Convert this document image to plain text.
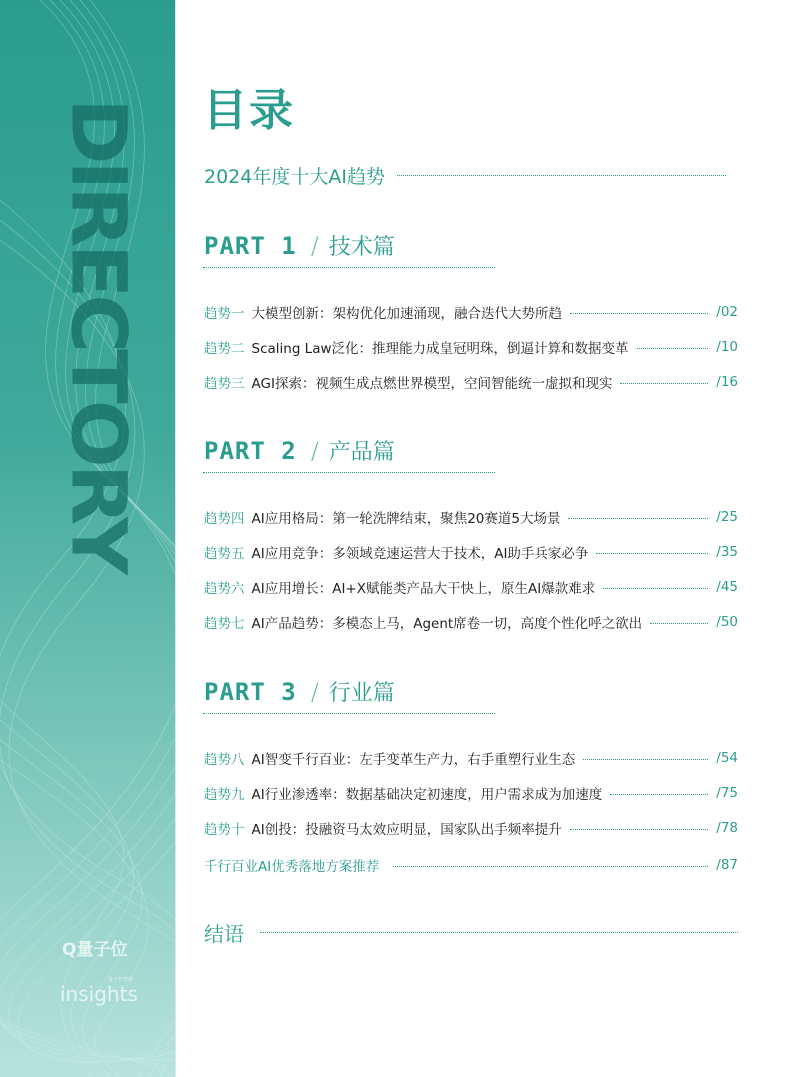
DIRECTORY
Q量子位
量子位智库
insights
目录
2024年度十大AI趋势
PART 1 / 技术篇
趋势一 大模型创新：架构优化加速涌现，融合迭代大势所趋	/02
趋势二 Scaling Law泛化：推理能力成皇冠明珠，倒逼计算和数据变革	/10
趋势三 AGI探索：视频生成点燃世界模型，空间智能统一虚拟和现实	/16
PART 2 / 产品篇
趋势四 AI应用格局：第一轮洗牌结束，聚焦20赛道5大场景	/25
趋势五 AI应用竞争：多领域竞速运营大于技术，AI助手兵家必争	/35
趋势六 AI应用增长：AI+X赋能类产品大干快上，原生AI爆款难求	/45
趋势七 AI产品趋势：多模态上马，Agent席卷一切，高度个性化呼之欲出	/50
PART 3 / 行业篇
趋势八 AI智变千行百业：左手变革生产力，右手重塑行业生态	/54
趋势九 AI行业渗透率：数据基础决定初速度，用户需求成为加速度	/75
趋势十 AI创投：投融资马太效应明显，国家队出手频率提升	/78
千行百业AI优秀落地方案推荐	/87
结语
